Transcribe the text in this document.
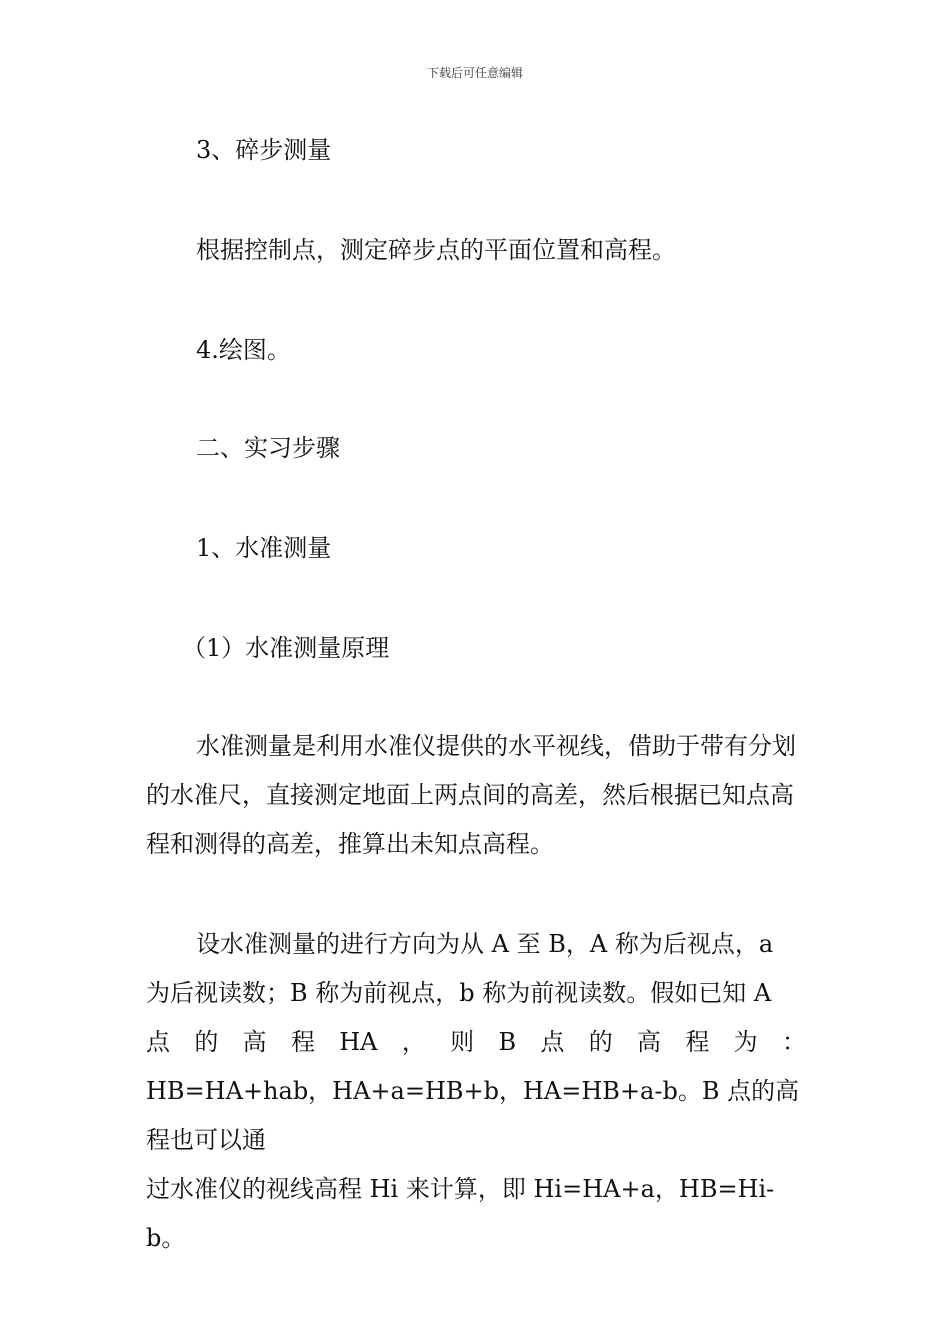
下载后可任意编辑
3、碎步测量
根据控制点，测定碎步点的平面位置和高程。
4.绘图。
二、实习步骤
1、水准测量
（1）水准测量原理
水准测量是利用水准仪提供的水平视线，借助于带有分划的水准尺，直接测定地面上两点间的高差，然后根据已知点高程和测得的高差，推算出未知点高程。
设水准测量的进行方向为从 A 至 B，A 称为后视点，a
为后视读数；B 称为前视点，b 称为前视读数。假如已知 A
点 的 高 程 HA ， 则 B 点 的 高 程 为 ：
HB=HA+hab，HA+a=HB+b，HA=HB+a-b。B 点的高程也可以通
过水准仪的视线高程 Hi 来计算，即 Hi=HA+a，HB=Hi-b。
